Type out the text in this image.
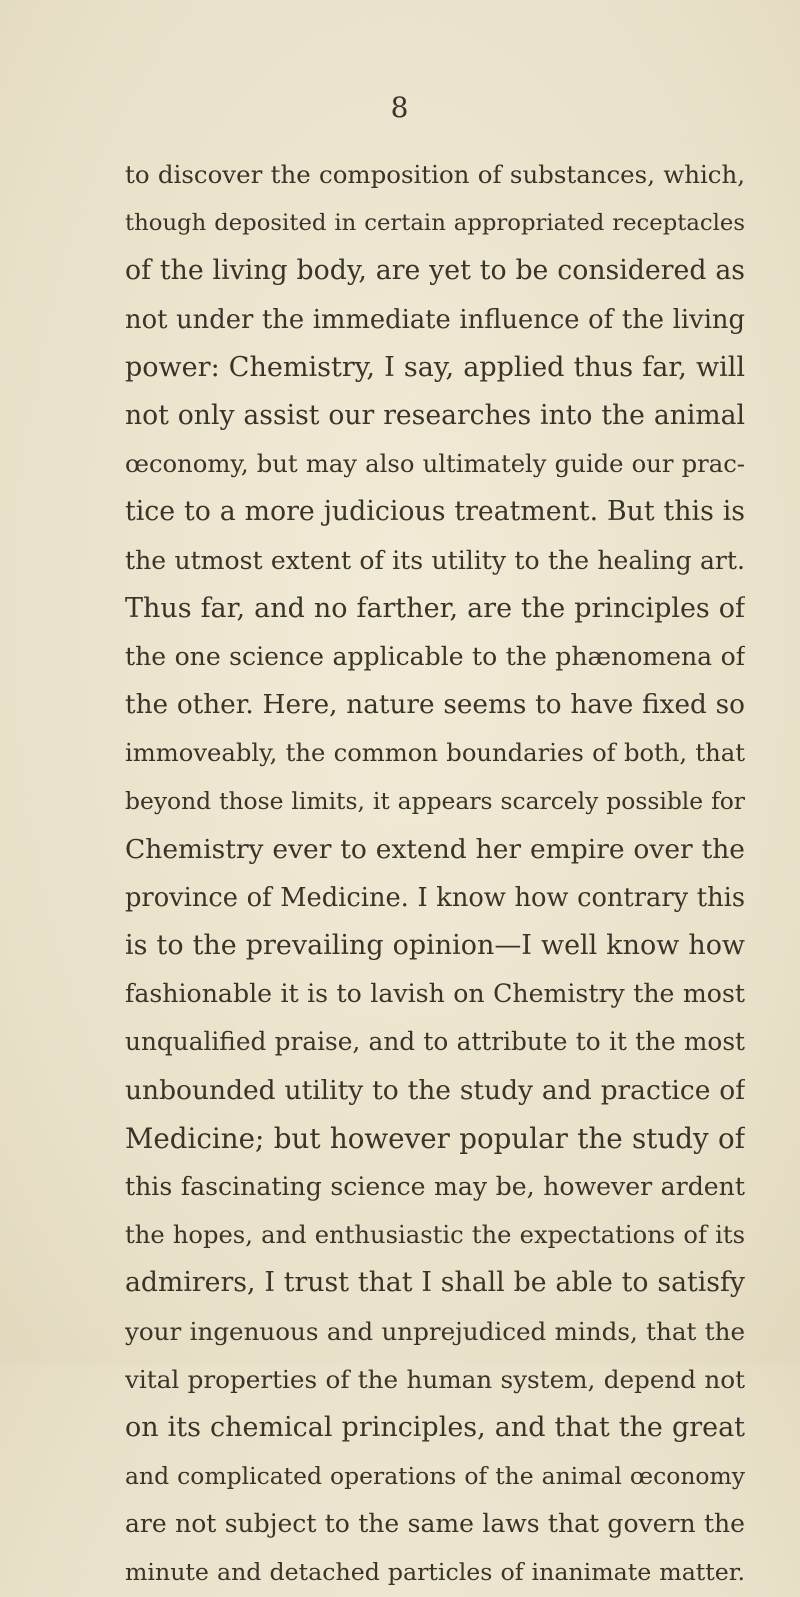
8
to discover the composition of substances, which,
though deposited in certain appropriated receptacles
of the living body, are yet to be considered as
not under the immediate influence of the living
power: Chemistry, I say, applied thus far, will
not only assist our researches into the animal
œconomy, but may also ultimately guide our prac-
tice to a more judicious treatment. But this is
the utmost extent of its utility to the healing art.
Thus far, and no farther, are the principles of
the one science applicable to the phænomena of
the other. Here, nature seems to have fixed so
immoveably, the common boundaries of both, that
beyond those limits, it appears scarcely possible for
Chemistry ever to extend her empire over the
province of Medicine. I know how contrary this
is to the prevailing opinion—I well know how
fashionable it is to lavish on Chemistry the most
unqualified praise, and to attribute to it the most
unbounded utility to the study and practice of
Medicine; but however popular the study of
this fascinating science may be, however ardent
the hopes, and enthusiastic the expectations of its
admirers, I trust that I shall be able to satisfy
your ingenuous and unprejudiced minds, that the
vital properties of the human system, depend not
on its chemical principles, and that the great
and complicated operations of the animal œconomy
are not subject to the same laws that govern the
minute and detached particles of inanimate matter.
